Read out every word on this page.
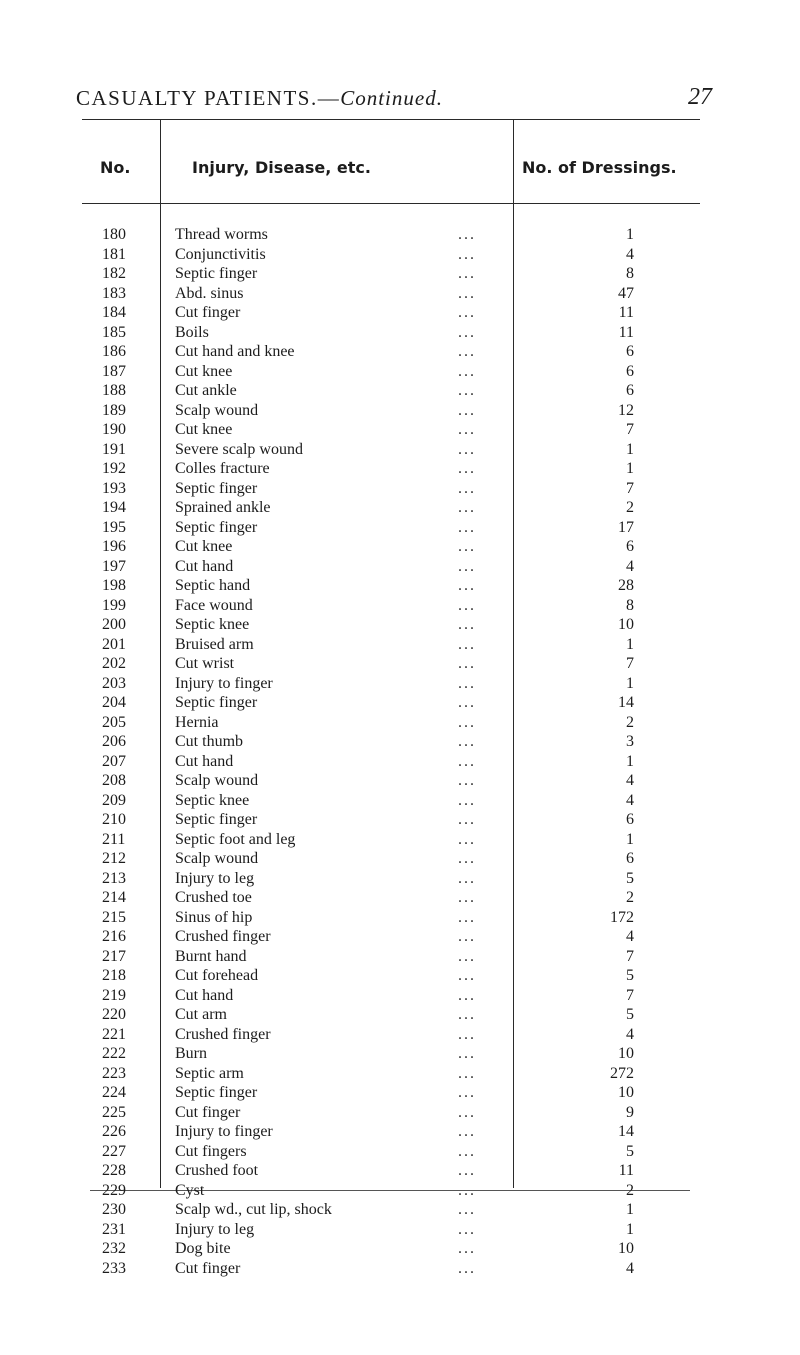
CASUALTY PATIENTS.—Continued.	27
No.	Injury, Disease, etc.	No. of Dressings.
180	Thread worms	...	1
181	Conjunctivitis	...	4
182	Septic finger	...	8
183	Abd. sinus	...	47
184	Cut finger	...	11
185	Boils	...	11
186	Cut hand and knee	...	6
187	Cut knee	...	6
188	Cut ankle	...	6
189	Scalp wound	...	12
190	Cut knee	...	7
191	Severe scalp wound	...	1
192	Colles fracture	...	1
193	Septic finger	...	7
194	Sprained ankle	...	2
195	Septic finger	...	17
196	Cut knee	...	6
197	Cut hand	...	4
198	Septic hand	...	28
199	Face wound	...	8
200	Septic knee	...	10
201	Bruised arm	...	1
202	Cut wrist	...	7
203	Injury to finger	...	1
204	Septic finger	...	14
205	Hernia	...	2
206	Cut thumb	...	3
207	Cut hand	...	1
208	Scalp wound	...	4
209	Septic knee	...	4
210	Septic finger	...	6
211	Septic foot and leg	...	1
212	Scalp wound	...	6
213	Injury to leg	...	5
214	Crushed toe	...	2
215	Sinus of hip	...	172
216	Crushed finger	...	4
217	Burnt hand	...	7
218	Cut forehead	...	5
219	Cut hand	...	7
220	Cut arm	...	5
221	Crushed finger	...	4
222	Burn	...	10
223	Septic arm	...	272
224	Septic finger	...	10
225	Cut finger	...	9
226	Injury to finger	...	14
227	Cut fingers	...	5
228	Crushed foot	...	11
229	Cyst	...	2
230	Scalp wd., cut lip, shock	...	1
231	Injury to leg	...	1
232	Dog bite	...	10
233	Cut finger	...	4
